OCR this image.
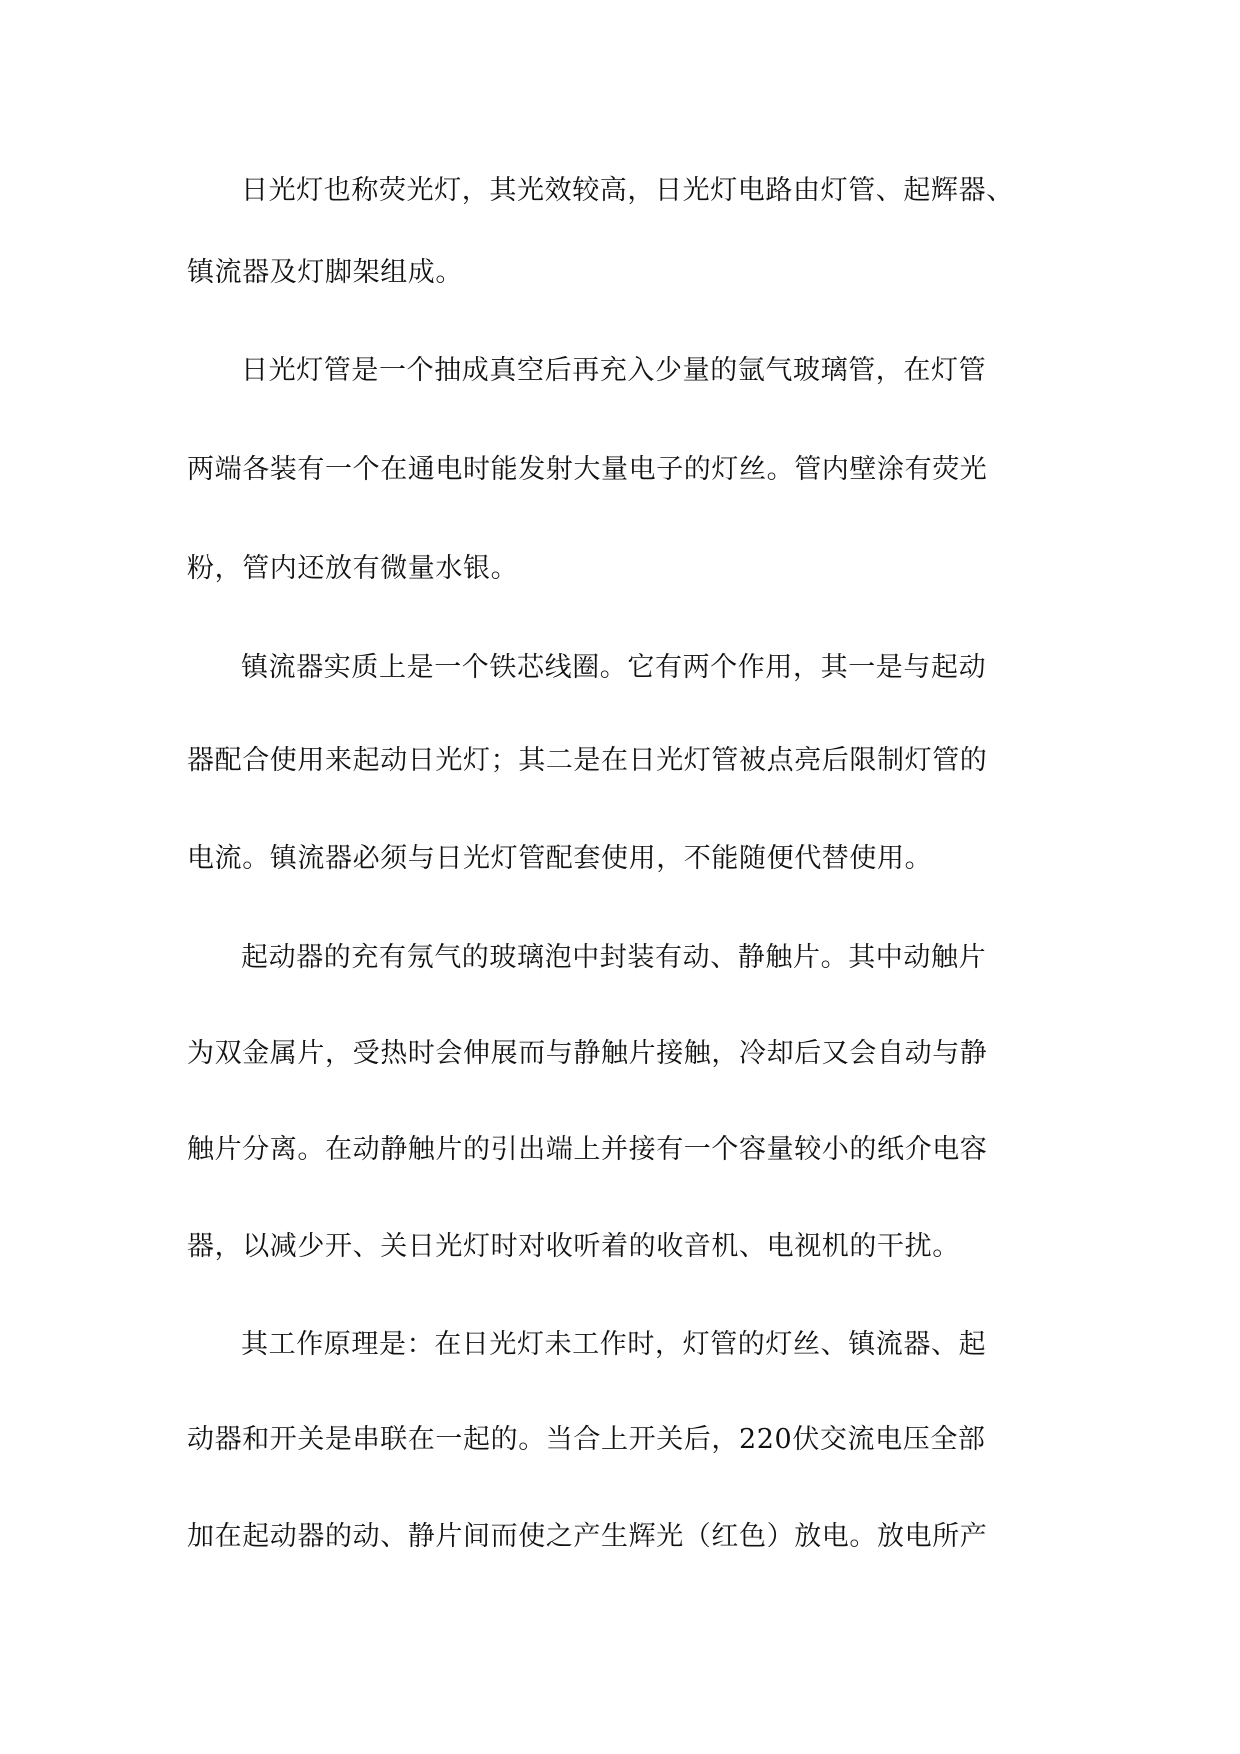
日光灯也称荧光灯，其光效较高，日光灯电路由灯管、起辉器、
镇流器及灯脚架组成。
日光灯管是一个抽成真空后再充入少量的氩气玻璃管，在灯管
两端各装有一个在通电时能发射大量电子的灯丝。管内壁涂有荧光
粉，管内还放有微量水银。
镇流器实质上是一个铁芯线圈。它有两个作用，其一是与起动
器配合使用来起动日光灯；其二是在日光灯管被点亮后限制灯管的
电流。镇流器必须与日光灯管配套使用，不能随便代替使用。
起动器的充有氖气的玻璃泡中封装有动、静触片。其中动触片
为双金属片，受热时会伸展而与静触片接触，冷却后又会自动与静
触片分离。在动静触片的引出端上并接有一个容量较小的纸介电容
器，以减少开、关日光灯时对收听着的收音机、电视机的干扰。
其工作原理是：在日光灯未工作时，灯管的灯丝、镇流器、起
动器和开关是串联在一起的。当合上开关后，220伏交流电压全部
加在起动器的动、静片间而使之产生辉光（红色）放电。放电所产
